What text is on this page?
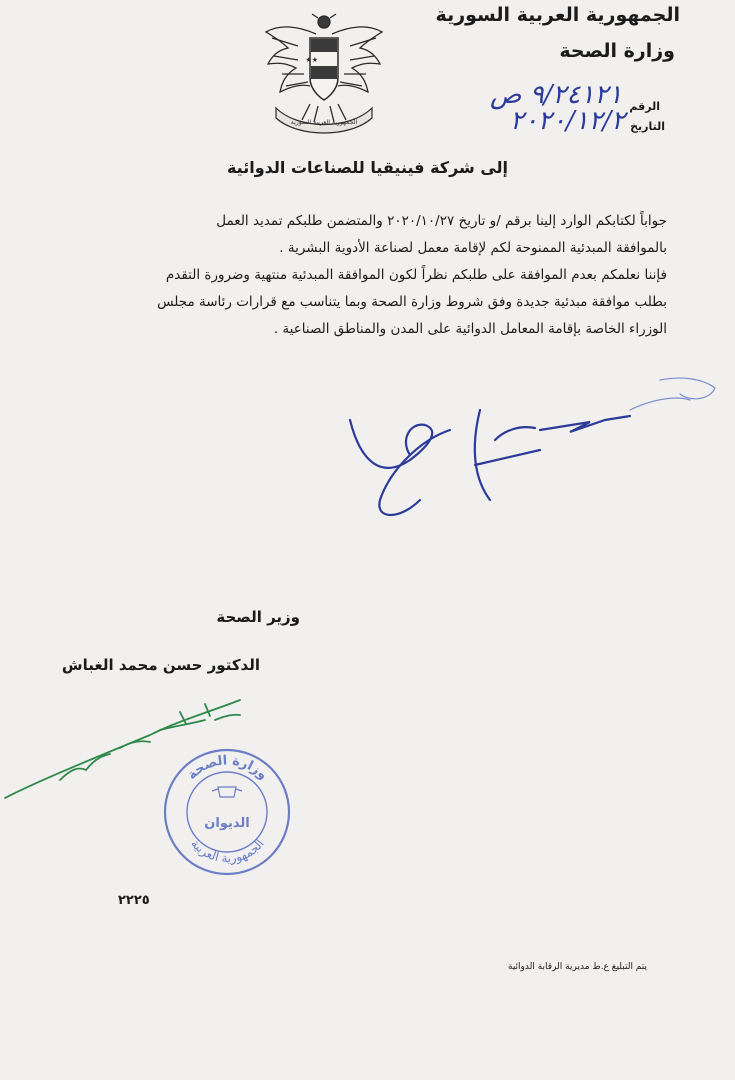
الجمهورية العربية السورية
وزارة الصحة
★★
الجمهورية العربية السورية
الرقم
٩/٢٤١٢١ ص
التاريخ
٢٠٢٠/١٢/٢
إلى شركة فينيقيا للصناعات الدوائية
جواباً لكتابكم الوارد إلينا برقم /و تاريخ ٢٠٢٠/١٠/٢٧ والمتضمن طلبكم تمديد العمل
بالموافقة المبدئية الممنوحة لكم لإقامة معمل لصناعة الأدوية البشرية .
فإننا نعلمكم بعدم الموافقة على طلبكم نظراً لكون الموافقة المبدئية منتهية وضرورة التقدم
بطلب موافقة مبدئية جديدة وفق شروط وزارة الصحة وبما يتناسب مع قرارات رئاسة مجلس
الوزراء الخاصة بإقامة المعامل الدوائية على المدن والمناطق الصناعية .
وزير الصحة
الدكتور حسن محمد الغباش
وزارة الصحة
الجمهورية العربية
الديوان
٢٢٢٥
يتم التبليغ ع.ط مديرية الرقابة الدوائية
